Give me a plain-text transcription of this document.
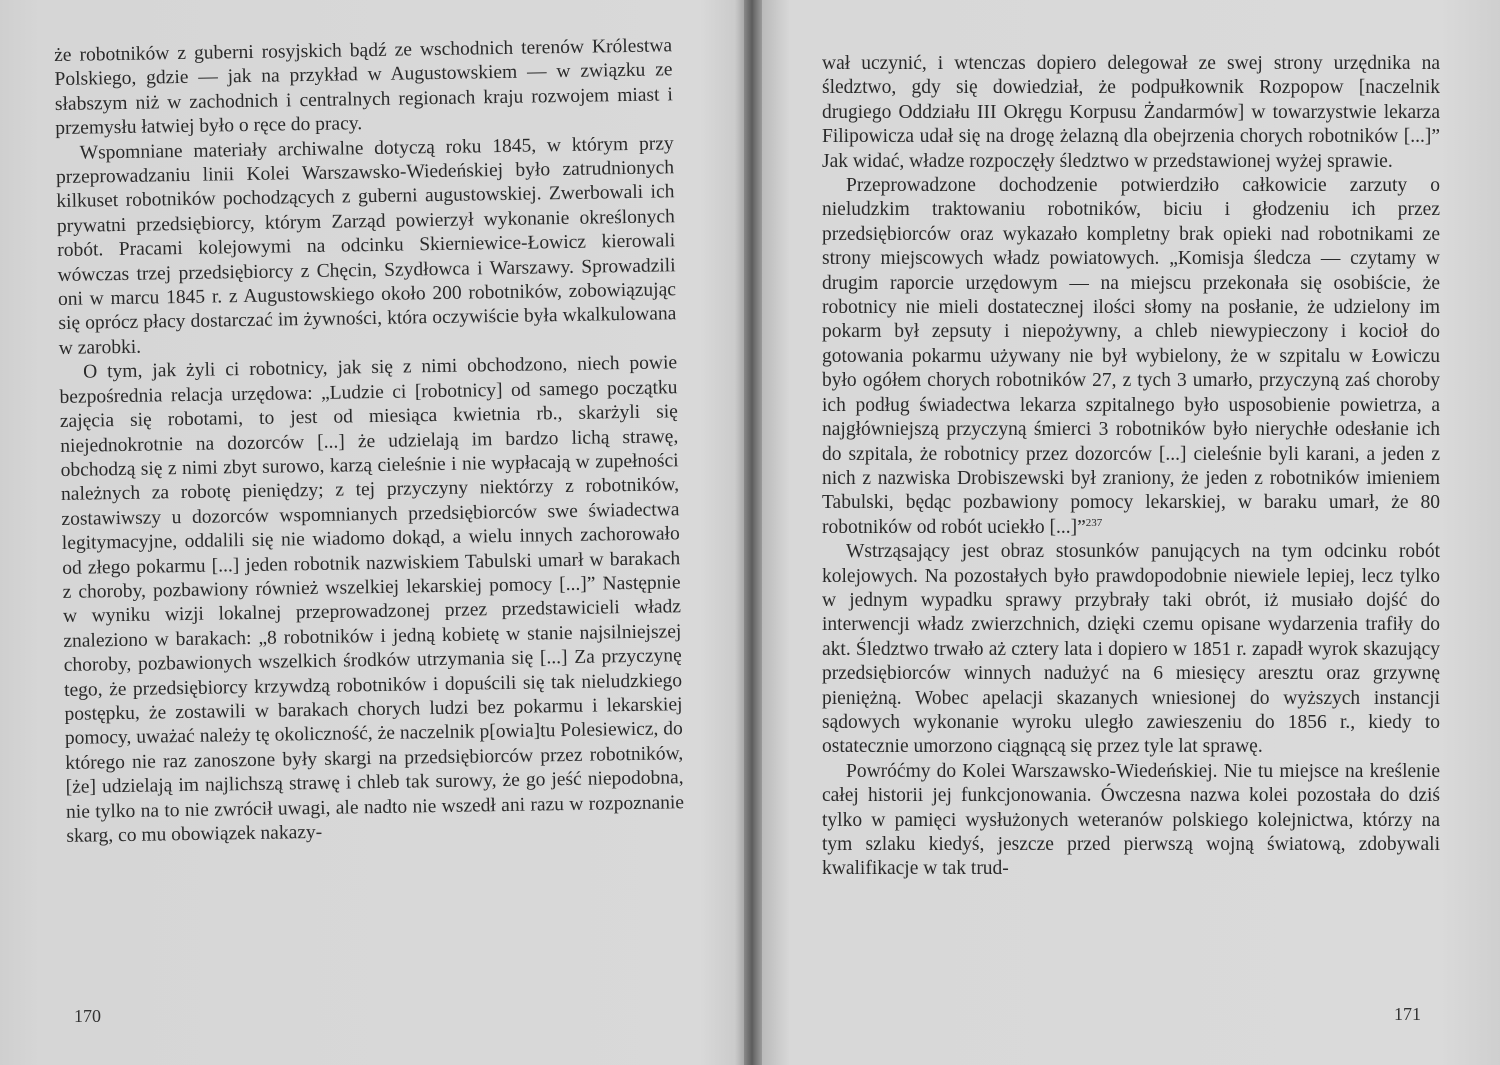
że robotników z guberni rosyjskich bądź ze wschodnich terenów Królestwa Polskiego, gdzie — jak na przykład w Augustowskiem — w związku ze słabszym niż w zachodnich i centralnych regionach kraju rozwojem miast i przemysłu łatwiej było o ręce do pracy.

Wspomniane materiały archiwalne dotyczą roku 1845, w którym przy przeprowadzaniu linii Kolei Warszawsko-Wiedeńskiej było zatrudnionych kilkuset robotników pochodzących z guberni augustowskiej. Zwerbowali ich prywatni przedsiębiorcy, którym Zarząd powierzył wykonanie określonych robót. Pracami kolejowymi na odcinku Skierniewice-Łowicz kierowali wówczas trzej przedsiębiorcy z Chęcin, Szydłowca i Warszawy. Sprowadzili oni w marcu 1845 r. z Augustowskiego około 200 robotników, zobowiązując się oprócz płacy dostarczać im żywności, która oczywiście była wkalkulowana w zarobki.

O tym, jak żyli ci robotnicy, jak się z nimi obchodzono, niech powie bezpośrednia relacja urzędowa: „Ludzie ci [robotnicy] od samego początku zajęcia się robotami, to jest od miesiąca kwietnia rb., skarżyli się niejednokrotnie na dozorców [...] że udzielają im bardzo lichą strawę, obchodzą się z nimi zbyt surowo, karzą cieleśnie i nie wypłacają w zupełności należnych za robotę pieniędzy; z tej przyczyny niektórzy z robotników, zostawiwszy u dozorców wspomnianych przedsiębiorców swe świadectwa legitymacyjne, oddalili się nie wiadomo dokąd, a wielu innych zachorowało od złego pokarmu [...] jeden robotnik nazwiskiem Tabulski umarł w barakach z choroby, pozbawiony również wszelkiej lekarskiej pomocy [...]” Następnie w wyniku wizji lokalnej przeprowadzonej przez przedstawicieli władz znaleziono w barakach: „8 robotników i jedną kobietę w stanie najsilniejszej choroby, pozbawionych wszelkich środków utrzymania się [...] Za przyczynę tego, że przedsiębiorcy krzywdzą robotników i dopuścili się tak nieludzkiego postępku, że zostawili w barakach chorych ludzi bez pokarmu i lekarskiej pomocy, uważać należy tę okoliczność, że naczelnik p[owia]tu Polesiewicz, do którego nie raz zanoszone były skargi na przedsiębiorców przez robotników, [że] udzielają im najlichszą strawę i chleb tak surowy, że go jeść niepodobna, nie tylko na to nie zwrócił uwagi, ale nadto nie wszedł ani razu w rozpoznanie skarg, co mu obowiązek nakazy-

170

wał uczynić, i wtenczas dopiero delegował ze swej strony urzędnika na śledztwo, gdy się dowiedział, że podpułkownik Rozpopow [naczelnik drugiego Oddziału III Okręgu Korpusu Żandarmów] w towarzystwie lekarza Filipowicza udał się na drogę żelazną dla obejrzenia chorych robotników [...]” Jak widać, władze rozpoczęły śledztwo w przedstawionej wyżej sprawie.

Przeprowadzone dochodzenie potwierdziło całkowicie zarzuty o nieludzkim traktowaniu robotników, biciu i głodzeniu ich przez przedsiębiorców oraz wykazało kompletny brak opieki nad robotnikami ze strony miejscowych władz powiatowych. „Komisja śledcza — czytamy w drugim raporcie urzędowym — na miejscu przekonała się osobiście, że robotnicy nie mieli dostatecznej ilości słomy na posłanie, że udzielony im pokarm był zepsuty i niepożywny, a chleb niewypieczony i kocioł do gotowania pokarmu używany nie był wybielony, że w szpitalu w Łowiczu było ogółem chorych robotników 27, z tych 3 umarło, przyczyną zaś choroby ich podług świadectwa lekarza szpitalnego było usposobienie powietrza, a najgłówniejszą przyczyną śmierci 3 robotników było nierychłe odesłanie ich do szpitala, że robotnicy przez dozorców [...] cieleśnie byli karani, a jeden z nich z nazwiska Drobiszewski był zraniony, że jeden z robotników imieniem Tabulski, będąc pozbawiony pomocy lekarskiej, w baraku umarł, że 80 robotników od robót uciekło [...]”$^{237}$

Wstrząsający jest obraz stosunków panujących na tym odcinku robót kolejowych. Na pozostałych było prawdopodobnie niewiele lepiej, lecz tylko w jednym wypadku sprawy przybrały taki obrót, iż musiało dojść do interwencji władz zwierzchnich, dzięki czemu opisane wydarzenia trafiły do akt. Śledztwo trwało aż cztery lata i dopiero w 1851 r. zapadł wyrok skazujący przedsiębiorców winnych nadużyć na 6 miesięcy aresztu oraz grzywnę pieniężną. Wobec apelacji skazanych wniesionej do wyższych instancji sądowych wykonanie wyroku uległo zawieszeniu do 1856 r., kiedy to ostatecznie umorzono ciągnącą się przez tyle lat sprawę.

Powróćmy do Kolei Warszawsko-Wiedeńskiej. Nie tu miejsce na kreślenie całej historii jej funkcjonowania. Ówczesna nazwa kolei pozostała do dziś tylko w pamięci wysłużonych weteranów polskiego kolejnictwa, którzy na tym szlaku kiedyś, jeszcze przed pierwszą wojną światową, zdobywali kwalifikacje w tak trud-

171
